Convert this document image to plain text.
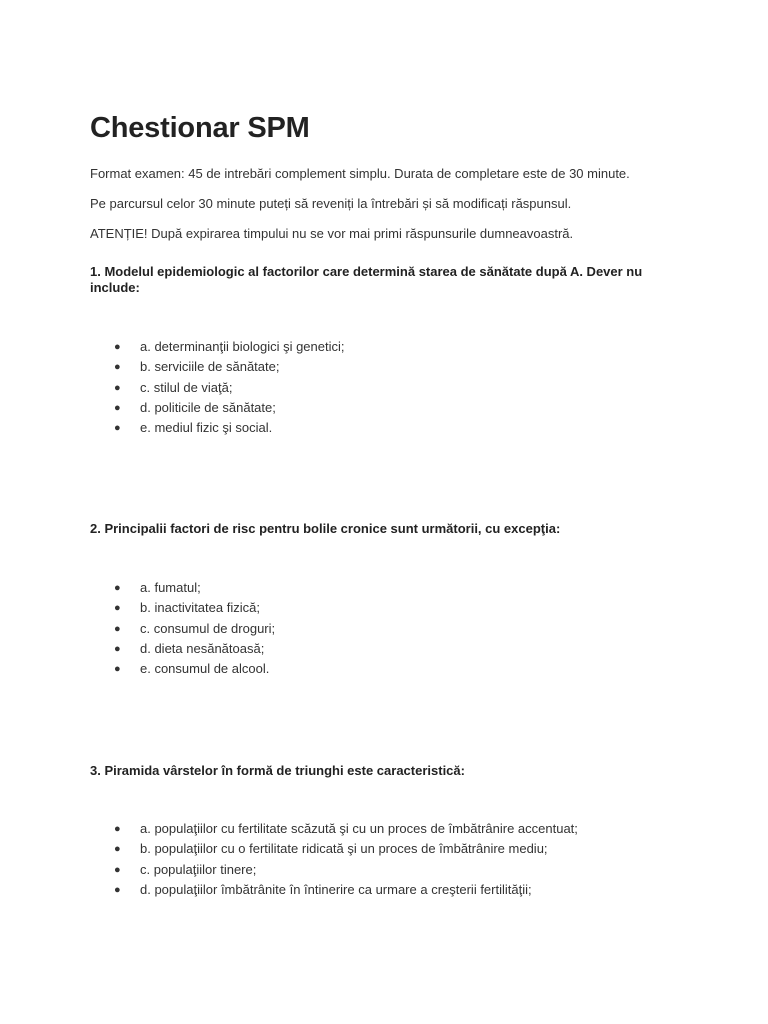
Chestionar SPM

Format examen: 45 de intrebări complement simplu. Durata de completare este de 30 minute.

Pe parcursul celor 30 minute puteți să reveniți la întrebări și să modificați răspunsul.

ATENȚIE! După expirarea timpului nu se vor mai primi răspunsurile dumneavoastră.

1. Modelul epidemiologic al factorilor care determină starea de sănătate după A. Dever nu include:

● a. determinanţii biologici şi genetici;
● b. serviciile de sănătate;
● c. stilul de viaţă;
● d. politicile de sănătate;
● e. mediul fizic şi social.

2. Principalii factori de risc pentru bolile cronice sunt următorii, cu excepţia:

● a. fumatul;
● b. inactivitatea fizică;
● c. consumul de droguri;
● d. dieta nesănătoasă;
● e. consumul de alcool.

3. Piramida vârstelor în formă de triunghi este caracteristică:

● a. populaţiilor cu fertilitate scăzută şi cu un proces de îmbătrânire accentuat;
● b. populaţiilor cu o fertilitate ridicată şi un proces de îmbătrânire mediu;
● c. populaţiilor tinere;
● d. populaţiilor îmbătrânite în întinerire ca urmare a creşterii fertilităţii;
